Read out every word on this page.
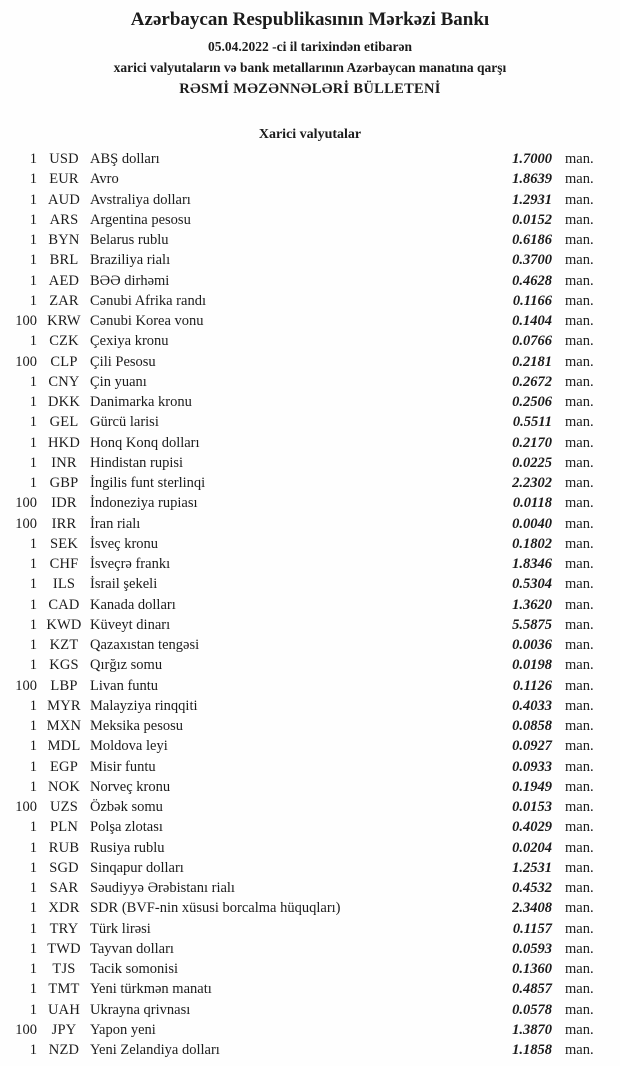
Azərbaycan Respublikasının Mərkəzi Bankı
05.04.2022 -ci il tarixindən etibarən
xarici valyutaların və bank metallarının Azərbaycan manatına qarşı
RƏSMİ MƏZƏNNƏLƏRİ BÜLLETENİ
Xarici valyutalar
1 USD ABŞ dolları	1.7000 man.
1 EUR Avro	1.8639 man.
1 AUD Avstraliya dolları	1.2931 man.
1 ARS Argentina pesosu	0.0152 man.
1 BYN Belarus rublu	0.6186 man.
1 BRL Braziliya rialı	0.3700 man.
1 AED BƏƏ dirhəmi	0.4628 man.
1 ZAR Cənubi Afrika randı	0.1166 man.
100 KRW Cənubi Korea vonu	0.1404 man.
1 CZK Çexiya kronu	0.0766 man.
100 CLP Çili Pesosu	0.2181 man.
1 CNY Çin yuanı	0.2672 man.
1 DKK Danimarka kronu	0.2506 man.
1 GEL Gürcü larisi	0.5511 man.
1 HKD Honq Konq dolları	0.2170 man.
1 INR Hindistan rupisi	0.0225 man.
1 GBP İngilis funt sterlinqi	2.2302 man.
100 IDR İndoneziya rupiası	0.0118 man.
100	IRR İran rialı	0.0040 man.
1 SEK İsveç kronu	0.1802 man.
1 CHF İsveçrə frankı	1.8346 man.
1	ILS	İsrail şekeli	0.5304 man.
1 CAD Kanada dolları	1.3620 man.
1 KWD Küveyt dinarı	5.5875 man.
1 KZT Qazaxıstan tengəsi	0.0036 man.
1 KGS Qırğız somu	0.0198 man.
100 LBP Livan funtu	0.1126 man.
1 MYR Malayziya rinqqiti	0.4033 man.
1 MXN Meksika pesosu	0.0858 man.
1 MDL Moldova leyi	0.0927 man.
1 EGP Misir funtu	0.0933 man.
1 NOK Norveç kronu	0.1949 man.
100 UZS Özbək somu	0.0153 man.
1 PLN Polşa zlotası	0.4029 man.
1 RUB Rusiya rublu	0.0204 man.
1 SGD Sinqapur dolları	1.2531 man.
1 SAR Səudiyyə Ərəbistanı rialı	0.4532 man.
1 XDR SDR (BVF-nin xüsusi borcalma hüquqları)	2.3408 man.
1 TRY Türk lirəsi	0.1157 man.
1 TWD Tayvan dolları	0.0593 man.
1	TJS Tacik somonisi	0.1360 man.
1 TMT Yeni türkmən manatı	0.4857 man.
1 UAH Ukrayna qrivnası	0.0578 man.
100	JPY Yapon yeni	1.3870 man.
1 NZD Yeni Zelandiya dolları	1.1858 man.
